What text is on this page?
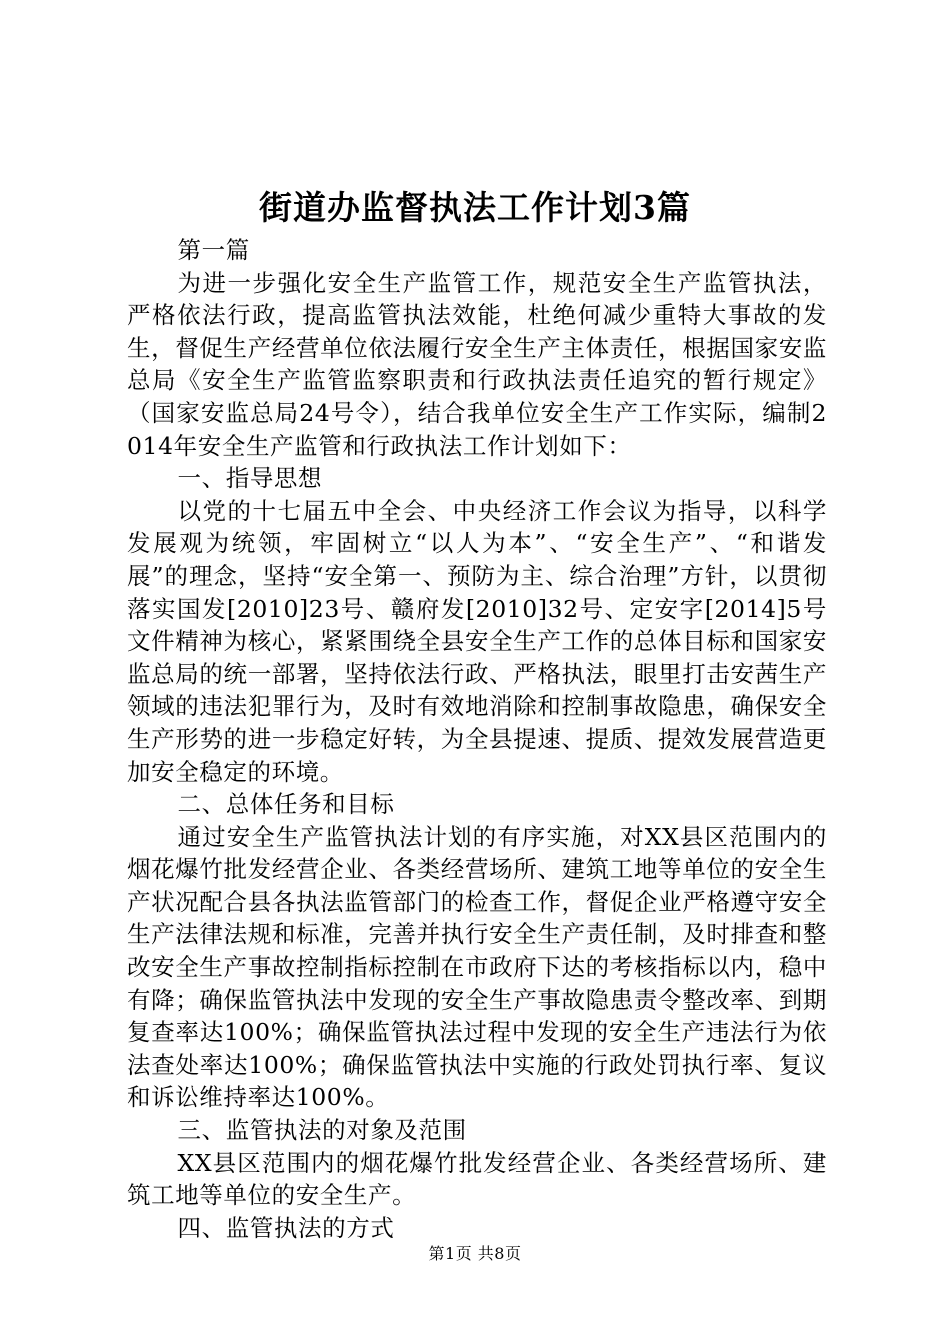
街道办监督执法工作计划3篇

第一篇

为进一步强化安全生产监管工作，规范安全生产监管执法，严格依法行政，提高监管执法效能，杜绝何减少重特大事故的发生，督促生产经营单位依法履行安全生产主体责任，根据国家安监总局《安全生产监管监察职责和行政执法责任追究的暂行规定》（国家安监总局24号令），结合我单位安全生产工作实际，编制2014年安全生产监管和行政执法工作计划如下：

一、指导思想

以党的十七届五中全会、中央经济工作会议为指导，以科学发展观为统领，牢固树立“以人为本”、“安全生产”、“和谐发展”的理念，坚持“安全第一、预防为主、综合治理”方针，以贯彻落实国发[2010]23号、赣府发[2010]32号、定安字[2014]5号文件精神为核心，紧紧围绕全县安全生产工作的总体目标和国家安监总局的统一部署，坚持依法行政、严格执法，眼里打击安茜生产领域的违法犯罪行为，及时有效地消除和控制事故隐患，确保安全生产形势的进一步稳定好转，为全县提速、提质、提效发展营造更加安全稳定的环境。

二、总体任务和目标

通过安全生产监管执法计划的有序实施，对XX县区范围内的烟花爆竹批发经营企业、各类经营场所、建筑工地等单位的安全生产状况配合县各执法监管部门的检查工作，督促企业严格遵守安全生产法律法规和标准，完善并执行安全生产责任制，及时排查和整改安全生产事故控制指标控制在市政府下达的考核指标以内，稳中有降；确保监管执法中发现的安全生产事故隐患责令整改率、到期复查率达100%；确保监管执法过程中发现的安全生产违法行为依法查处率达100%；确保监管执法中实施的行政处罚执行率、复议和诉讼维持率达100%。

三、监管执法的对象及范围

XX县区范围内的烟花爆竹批发经营企业、各类经营场所、建筑工地等单位的安全生产。

四、监管执法的方式

第1页 共8页
